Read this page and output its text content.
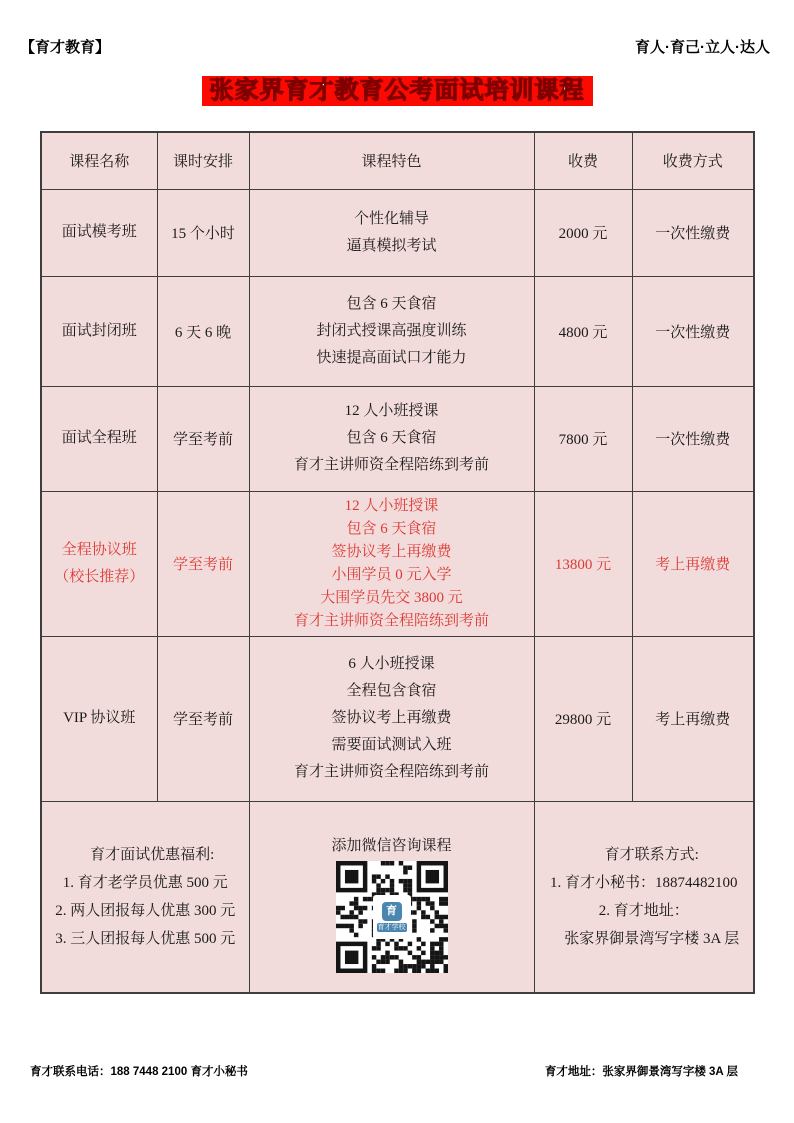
【育才教育】	育人·育己·立人·达人
张家界育才教育公考面试培训课程
课程名称	课时安排	课程特色	收费	收费方式

面试模考班	15 个小时	个性化辅导
逼真模拟考试	2000 元	一次性缴费

面试封闭班	6 天 6 晚	包含 6 天食宿
封闭式授课高强度训练
快速提高面试口才能力	4800 元	一次性缴费

面试全程班	学至考前	12 人小班授课
包含 6 天食宿
育才主讲师资全程陪练到考前	7800 元	一次性缴费

全程协议班
（校长推荐）
	学至考前	
12 人小班授课
包含 6 天食宿
签协议考上再缴费
小围学员 0 元入学
大围学员先交 3800 元
育才主讲师资全程陪练到考前
	13800 元	考上再缴费

VIP 协议班	学至考前	6 人小班授课
全程包含食宿
签协议考上再缴费
需要面试测试入班
育才主讲师资全程陪练到考前	29800 元	考上再缴费

育才面试优惠福利:
1. 育才老学员优惠 500 元
2. 两人团报每人优惠 300 元
3. 三人团报每人优惠 500 元

添加微信咨询课程
育
育才学校

育才联系方式:
1. 育才小秘书：18874482100
2. 育才地址：
张家界御景湾写字楼 3A 层
育才联系电话：188 7448 2100 育才小秘书	育才地址：张家界御景湾写字楼 3A 层
